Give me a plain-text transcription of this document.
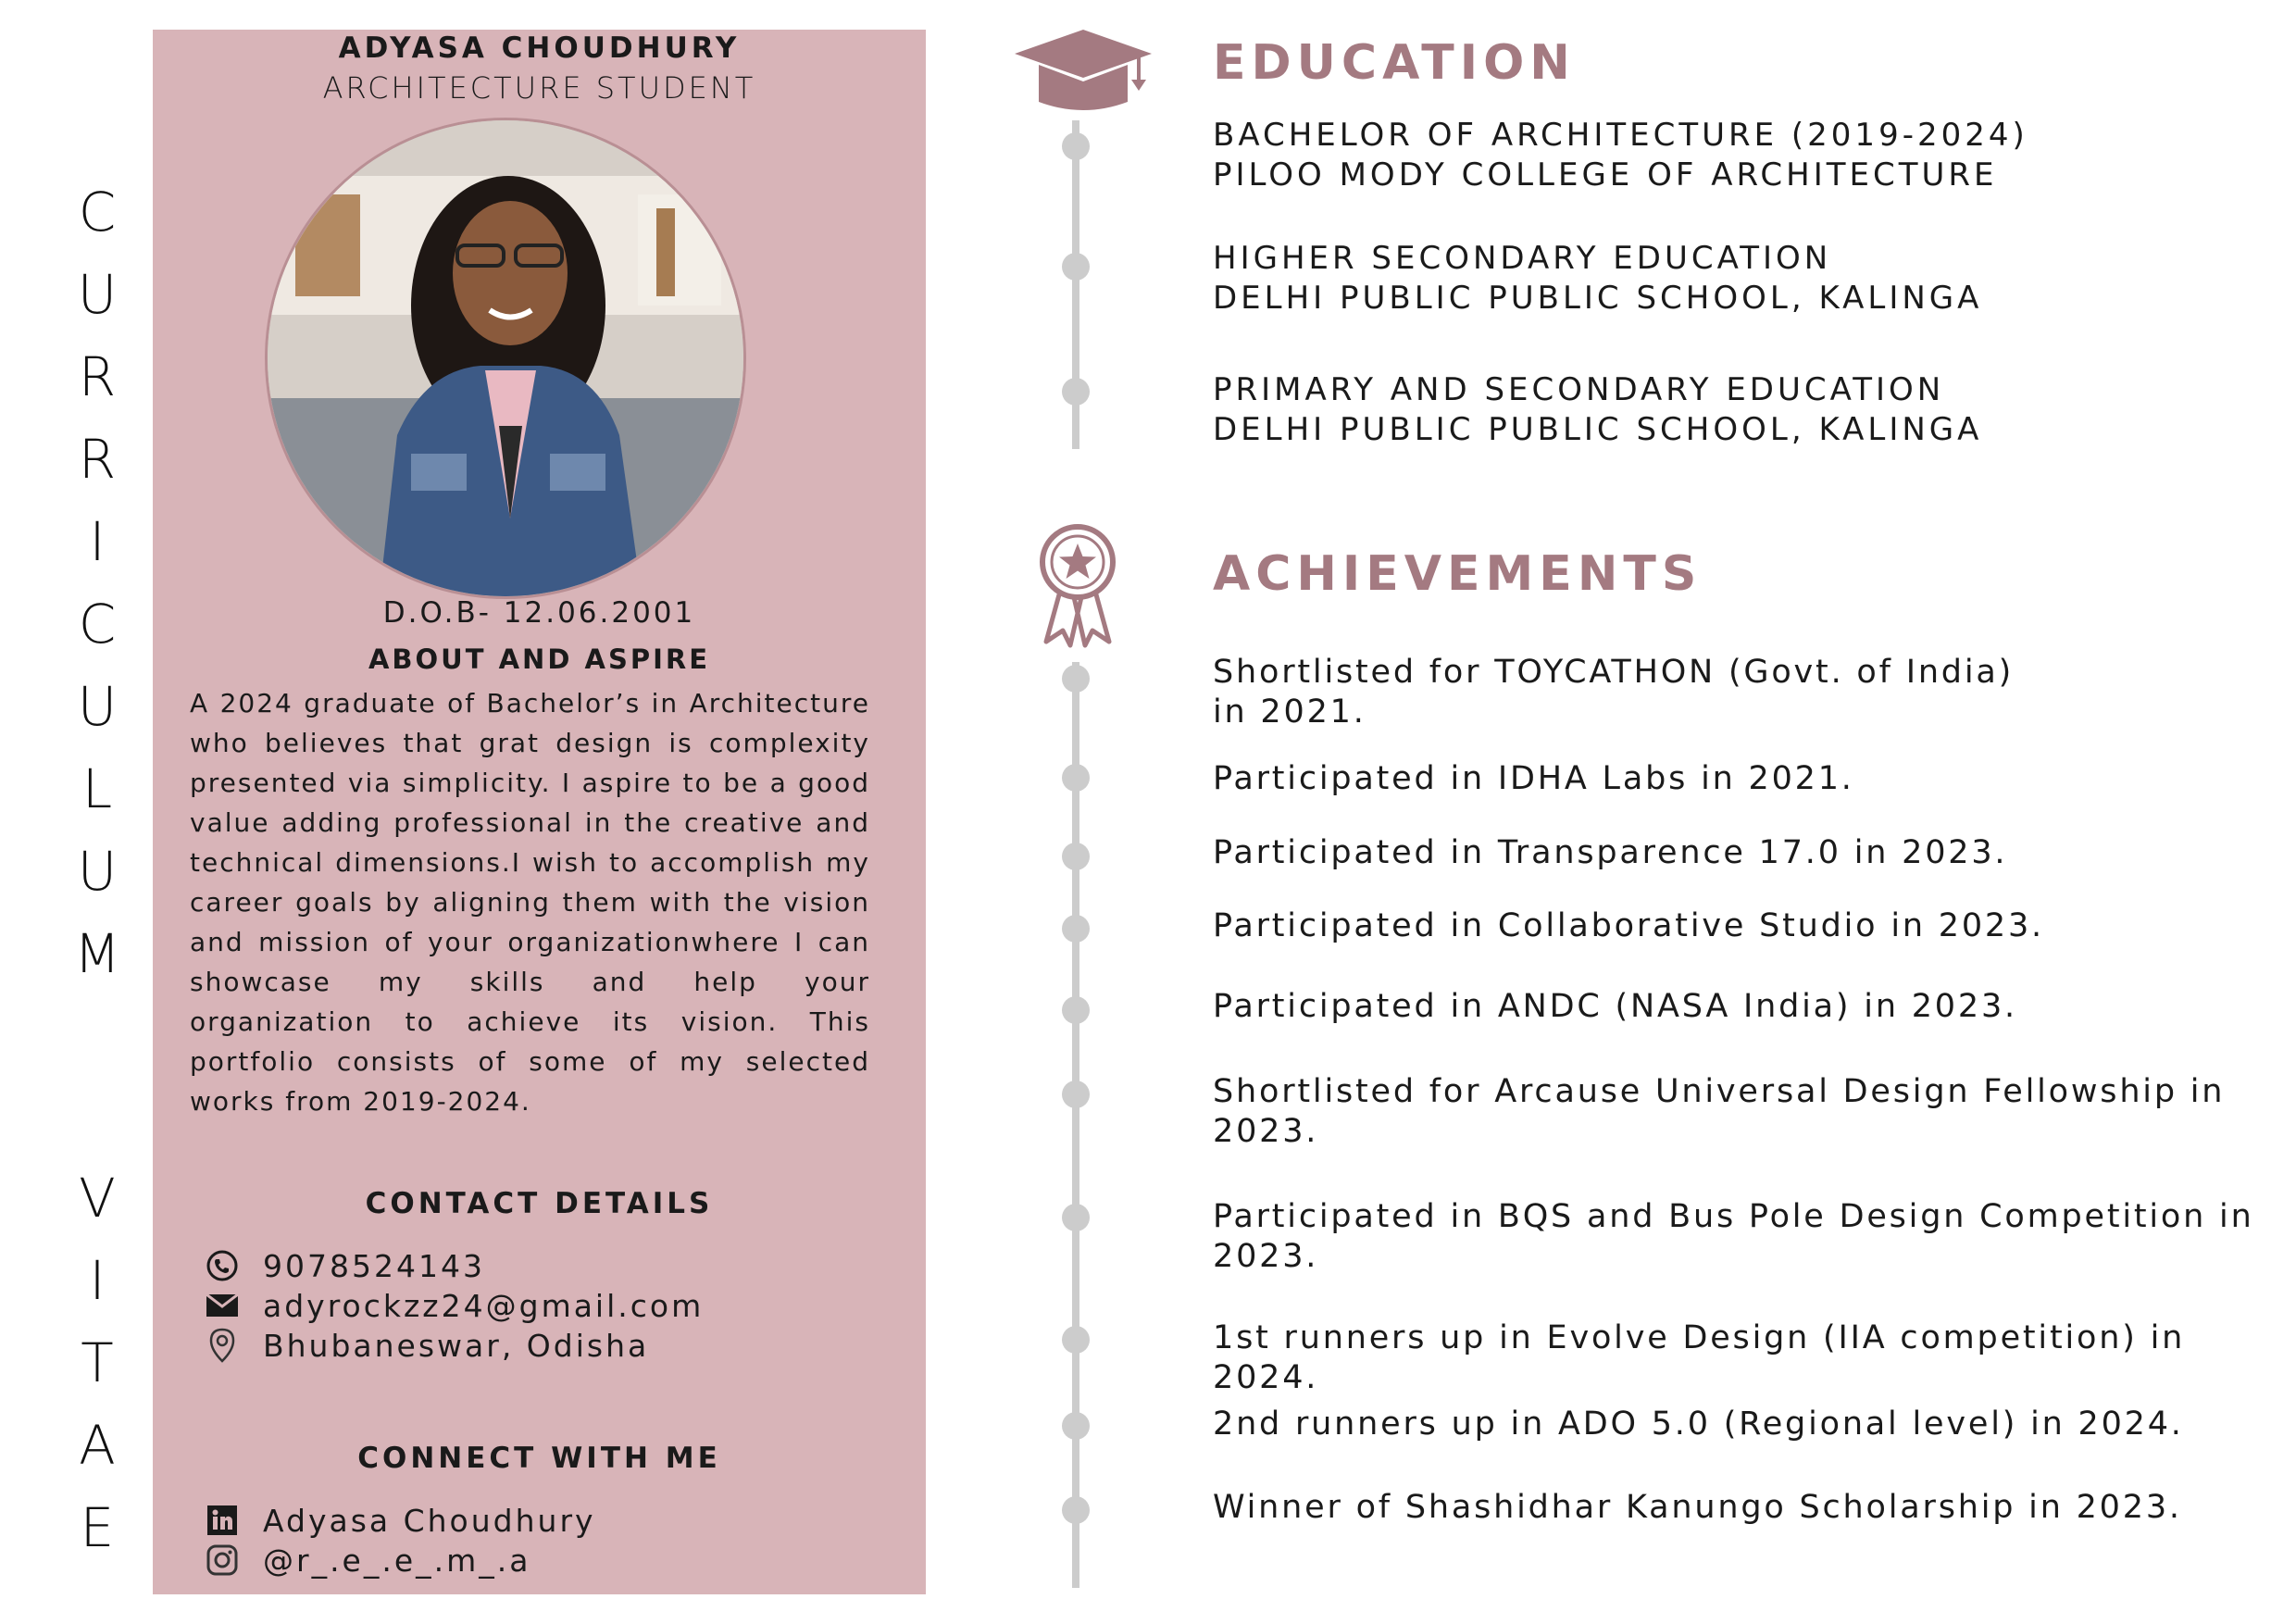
C
U
R
R
I
C
U
L
U
M
V
I
T
A
E
ADYASA CHOUDHURY
ARCHITECTURE STUDENT
D.O.B- 12.06.2001
ABOUT AND ASPIRE
A 2024 graduate of Bachelor’s in Architecture who believes that grat design is complexity presented via simplicity. I aspire to be a good value adding professional in the creative and technical dimensions.I wish to accomplish my career goals by aligning them with the vision and mission of your organizationwhere I can showcase my skills and help your organization to achieve its vision. This portfolio consists of some of my selected works from 2019-2024.
CONTACT DETAILS
9078524143
adyrockzz24@gmail.com
Bhubaneswar, Odisha
CONNECT WITH ME
Adyasa Choudhury
@r_.e_.e_.m_.a
EDUCATION
BACHELOR OF ARCHITECTURE (2019-2024)
PILOO MODY COLLEGE OF ARCHITECTURE
HIGHER SECONDARY EDUCATION
DELHI PUBLIC PUBLIC SCHOOL, KALINGA
PRIMARY AND SECONDARY EDUCATION
DELHI PUBLIC PUBLIC SCHOOL, KALINGA
ACHIEVEMENTS
Shortlisted for TOYCATHON (Govt. of India)
in 2021.
Participated in IDHA Labs in 2021.
Participated in Transparence 17.0 in 2023.
Participated in Collaborative Studio in 2023.
Participated in ANDC (NASA India) in 2023.
Shortlisted for Arcause Universal Design Fellowship in
2023.
Participated in BQS and Bus Pole Design Competition in
2023.
1st runners up in Evolve Design (IIA competition) in 2024.
2nd runners up in ADO 5.0 (Regional level) in 2024.
Winner of Shashidhar Kanungo Scholarship in 2023.
